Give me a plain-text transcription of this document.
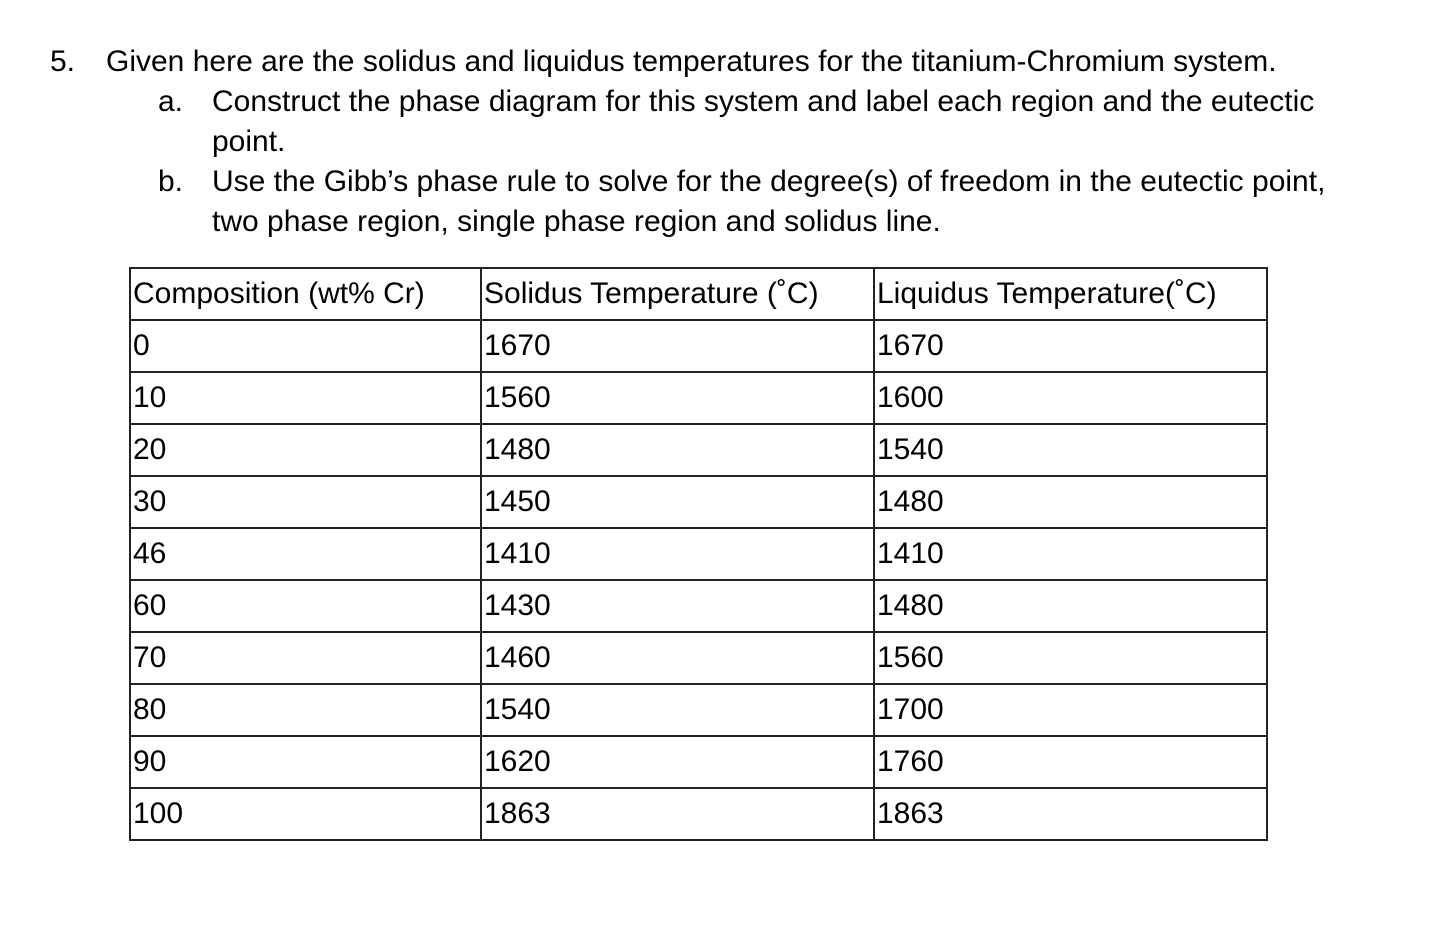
5.	Given here are the solidus and liquidus temperatures for the titanium-Chromium system.
a. Construct the phase diagram for this system and label each region and the eutectic point.
b. Use the Gibb’s phase rule to solve for the degree(s) of freedom in the eutectic point, two phase region, single phase region and solidus line.
Composition (wt% Cr)	Solidus Temperature (˚C)	Liquidus Temperature(˚C)
0	1670	1670
10	1560	1600
20	1480	1540
30	1450	1480
46	1410	1410
60	1430	1480
70	1460	1560
80	1540	1700
90	1620	1760
100	1863	1863
